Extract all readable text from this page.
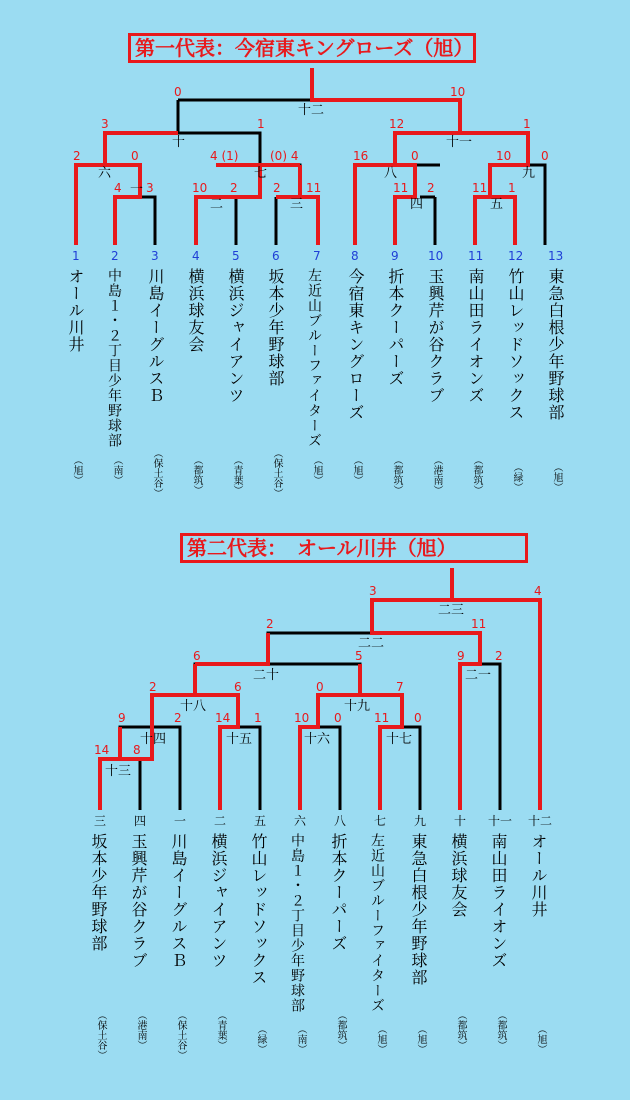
第一代表：今宿東キングローズ（旭）
第二代表：　オール川井（旭）
一
二	三	四	五
六	七	八	九
十	十一
十二
2	0
4 3	10 2	2 11
3	1
4 (1)	(0) 4
0
16	0
11 2	11 1
10 0
12	1
10
1	2	3	4	5	6	7	8	9 10 11 12 13
オール川井 中島１・２丁目少年野球部 川島イーグルスＢ 横浜球友会 横浜ジャイアンツ 坂本少年野球部 左近山ブルーファイターズ 今宿東キングローズ 折本クーパーズ 玉興芹が谷クラブ 南山田ライオンズ 竹山レッドソックス 東急白根少年野球部
（旭）	（南）	（保土谷）	（都筑）	（青葉）	（保土谷）	（旭）	（旭）	（都筑）	（港南）	（都筑）	（緑）	（旭）
十三
十四	十五	十六	十七
十八	十九
二十	二一
二二
二三
14 8
9	2	14 1	10 0	11 0
2	6	0	7
6	5	9	2
2	11
3	4
三 四 一 二 五 六 八 七 九 十 十一 十二
坂本少年野球部 玉興芹が谷クラブ 川島イーグルスＢ 横浜ジャイアンツ 竹山レッドソックス 中島１・２丁目少年野球部 折本クーパーズ 左近山ブルーファイターズ 東急白根少年野球部 横浜球友会 南山田ライオンズ オール川井
（保土谷）	（港南）	（保土谷）	（青葉）	（緑）	（南）	（都筑）	（旭）	（旭）	（都筑）	（都筑）	（旭）
